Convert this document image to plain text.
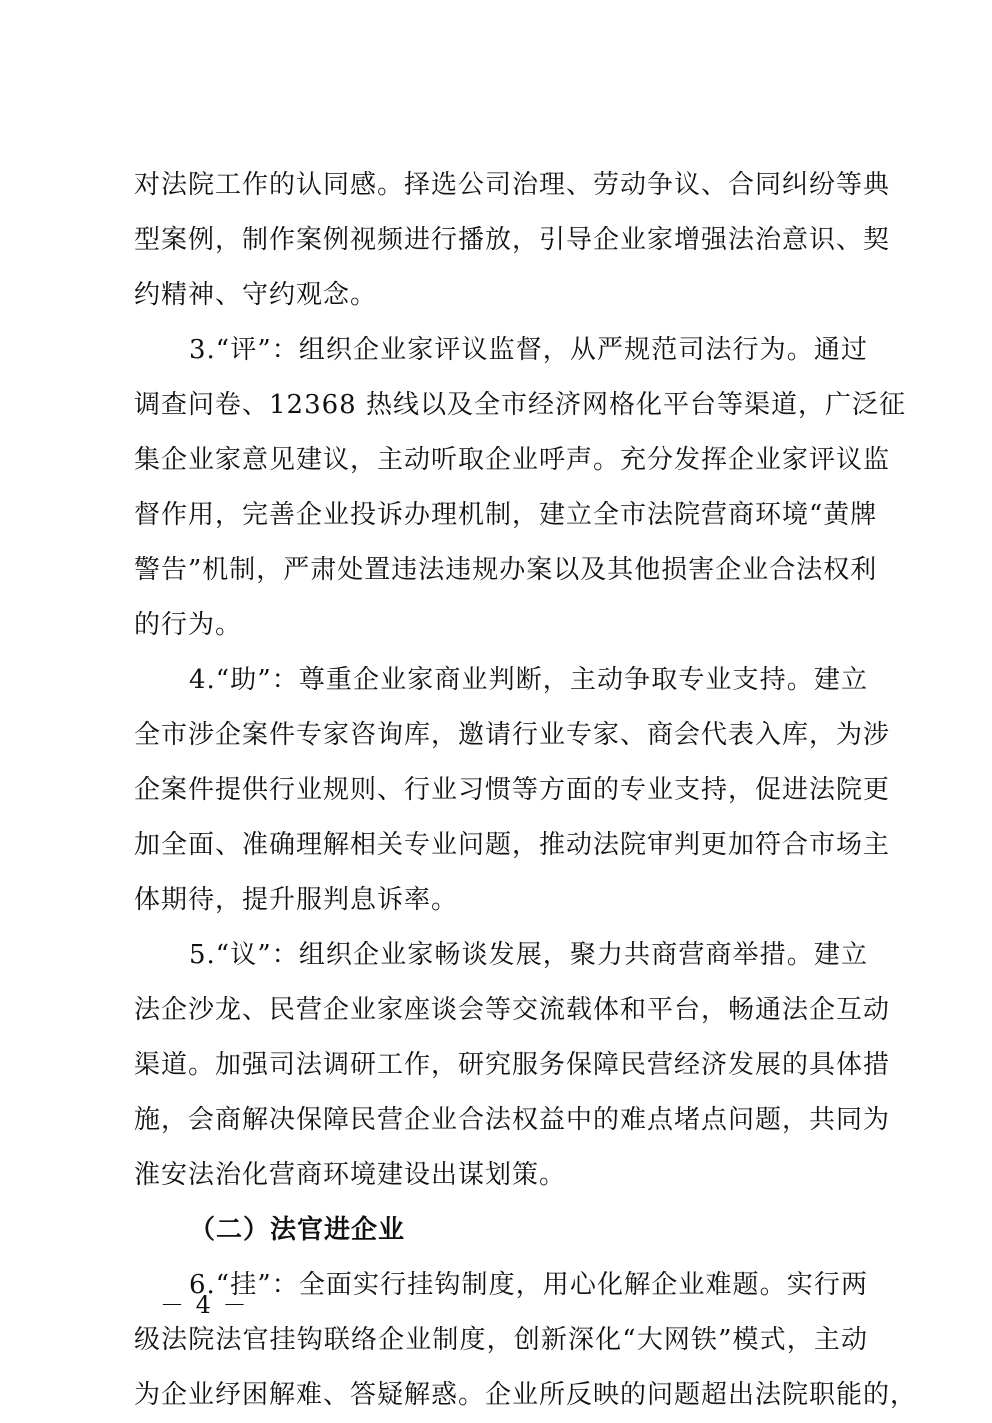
对法院工作的认同感。择选公司治理、劳动争议、合同纠纷等典
型案例，制作案例视频进行播放，引导企业家增强法治意识、契
约精神、守约观念。
3.“评”：组织企业家评议监督，从严规范司法行为。通过
调查问卷、12368 热线以及全市经济网格化平台等渠道，广泛征
集企业家意见建议，主动听取企业呼声。充分发挥企业家评议监
督作用，完善企业投诉办理机制，建立全市法院营商环境“黄牌
警告”机制，严肃处置违法违规办案以及其他损害企业合法权利
的行为。
4.“助”：尊重企业家商业判断，主动争取专业支持。建立
全市涉企案件专家咨询库，邀请行业专家、商会代表入库，为涉
企案件提供行业规则、行业习惯等方面的专业支持，促进法院更
加全面、准确理解相关专业问题，推动法院审判更加符合市场主
体期待，提升服判息诉率。
5.“议”：组织企业家畅谈发展，聚力共商营商举措。建立
法企沙龙、民营企业家座谈会等交流载体和平台，畅通法企互动
渠道。加强司法调研工作，研究服务保障民营经济发展的具体措
施，会商解决保障民营企业合法权益中的难点堵点问题，共同为
淮安法治化营商环境建设出谋划策。
（二）法官进企业
6.“挂”：全面实行挂钩制度，用心化解企业难题。实行两
级法院法官挂钩联络企业制度，创新深化“大网铁”模式，主动
为企业纾困解难、答疑解惑。企业所反映的问题超出法院职能的，
－ 4 －
